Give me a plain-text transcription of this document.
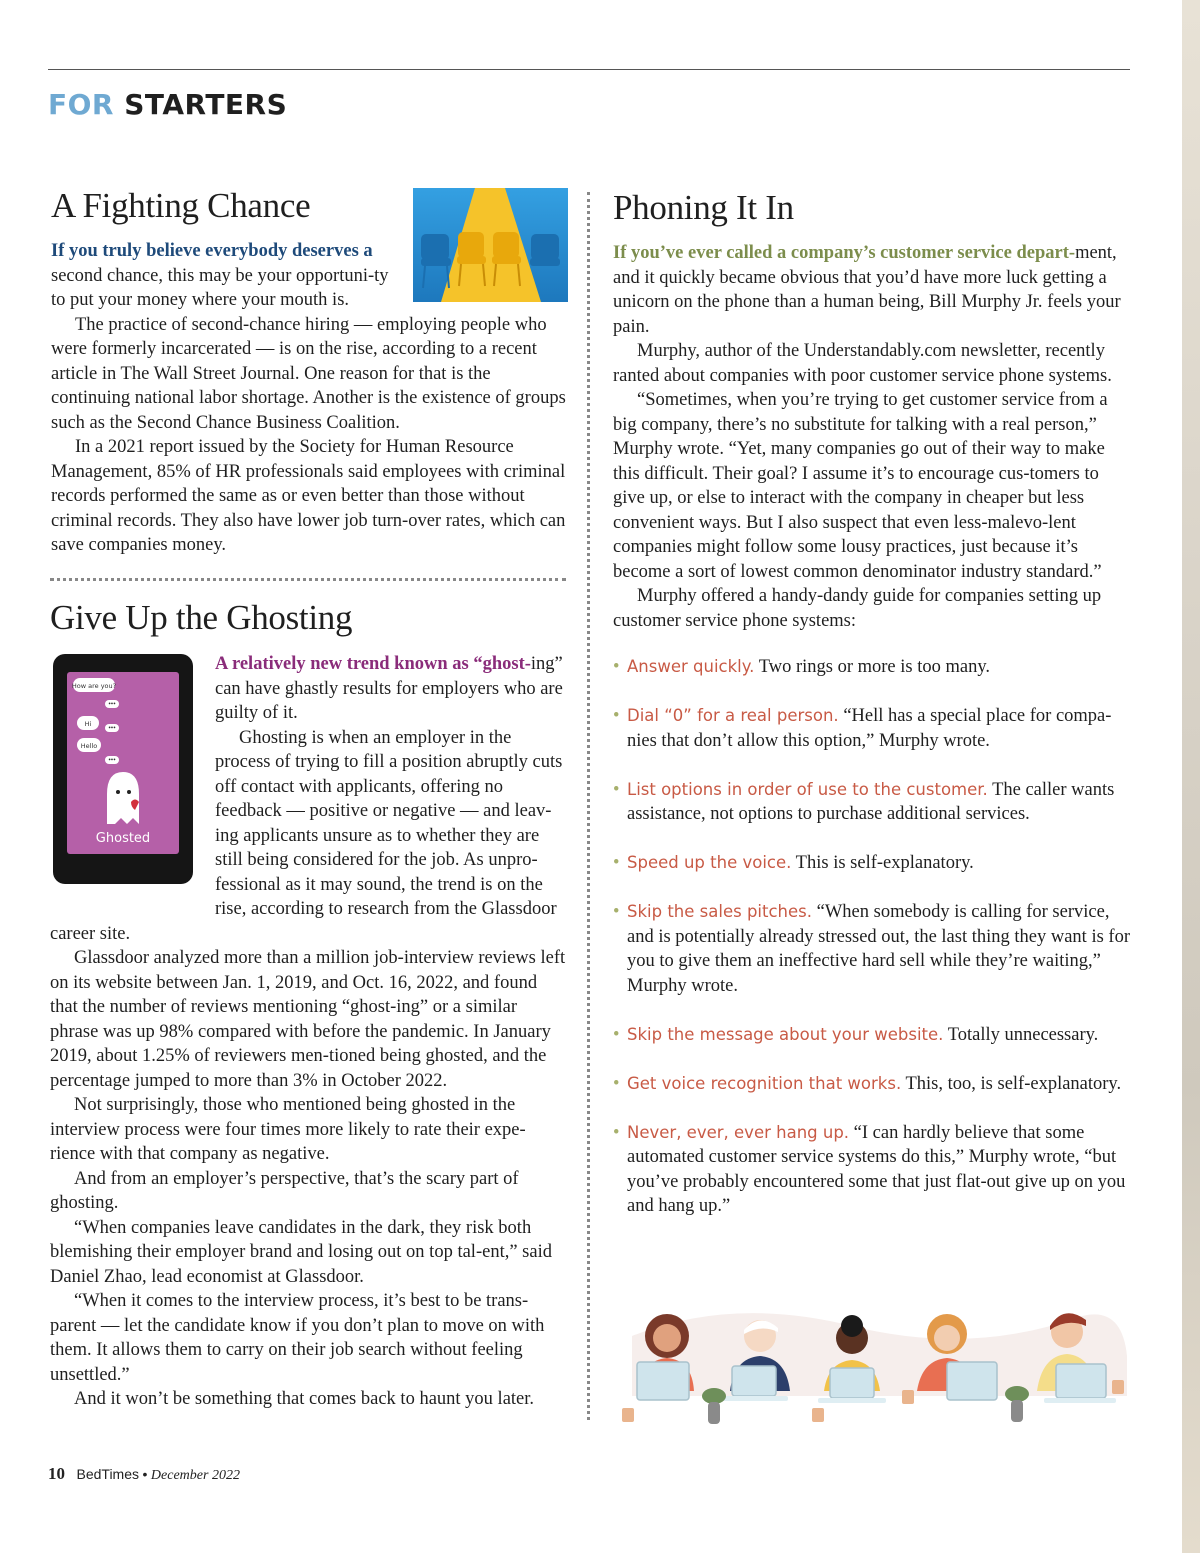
FOR STARTERS
A Fighting Chance

If you truly believe everybody deserves a second chance, this may be your opportuni-ty to put your money where your mouth is.

The practice of second-chance hiring — employing people who were formerly incarcerated — is on the rise, according to a recent article in The Wall Street Journal. One reason for that is the continuing national labor shortage. Another is the existence of groups such as the Second Chance Business Coalition.

In a 2021 report issued by the Society for Human Resource Management, 85% of HR professionals said employees with criminal records performed the same as or even better than those without criminal records. They also have lower job turn-over rates, which can save companies money.

Give Up the Ghosting

A relatively new trend known as “ghost-ing” can have ghastly results for employers who are guilty of it.

Ghosting is when an employer in the process of trying to fill a position abruptly cuts off contact with applicants, offering no feedback — positive or negative — and leav-ing applicants unsure as to whether they are still being considered for the job. As unpro-fessional as it may sound, the trend is on the rise, according to research from the Glassdoor career site.

Glassdoor analyzed more than a million job-interview reviews left on its website between Jan. 1, 2019, and Oct. 16, 2022, and found that the number of reviews mentioning “ghost-ing” or a similar phrase was up 98% compared with before the pandemic. In January 2019, about 1.25% of reviewers men-tioned being ghosted, and the percentage jumped to more than 3% in October 2022.

Not surprisingly, those who mentioned being ghosted in the interview process were four times more likely to rate their expe-rience with that company as negative.

And from an employer’s perspective, that’s the scary part of ghosting.

“When companies leave candidates in the dark, they risk both blemishing their employer brand and losing out on top tal-ent,” said Daniel Zhao, lead economist at Glassdoor.

“When it comes to the interview process, it’s best to be trans-parent — let the candidate know if you don’t plan to move on with them. It allows them to carry on their job search without feeling unsettled.”

And it won’t be something that comes back to haunt you later.

How are you?
•••
Hi •••
Hello
•••
Ghosted
Phoning It In

If you’ve ever called a company’s customer service depart-ment, and it quickly became obvious that you’d have more luck getting a unicorn on the phone than a human being, Bill Murphy Jr. feels your pain.

Murphy, author of the Understandably.com newsletter, recently ranted about companies with poor customer service phone systems.

“Sometimes, when you’re trying to get customer service from a big company, there’s no substitute for talking with a real person,” Murphy wrote. “Yet, many companies go out of their way to make this difficult. Their goal? I assume it’s to encourage cus-tomers to give up, or else to interact with the company in cheaper but less convenient ways. But I also suspect that even less-malevo-lent companies might follow some lousy practices, just because it’s become a sort of lowest common denominator industry standard.”

Murphy offered a handy-dandy guide for companies setting up customer service phone systems:

• Answer quickly. Two rings or more is too many.
• Dial “0” for a real person. “Hell has a special place for compa-nies that don’t allow this option,” Murphy wrote.
• List options in order of use to the customer. The caller wants assistance, not options to purchase additional services.
• Speed up the voice. This is self-explanatory.
• Skip the sales pitches. “When somebody is calling for service, and is potentially already stressed out, the last thing they want is for you to give them an ineffective hard sell while they’re waiting,” Murphy wrote.
• Skip the message about your website. Totally unnecessary.
• Get voice recognition that works. This, too, is self-explanatory.
• Never, ever, ever hang up. “I can hardly believe that some automated customer service systems do this,” Murphy wrote, “but you’ve probably encountered some that just flat-out give up on you and hang up.”
10 BedTimes • December 2022
